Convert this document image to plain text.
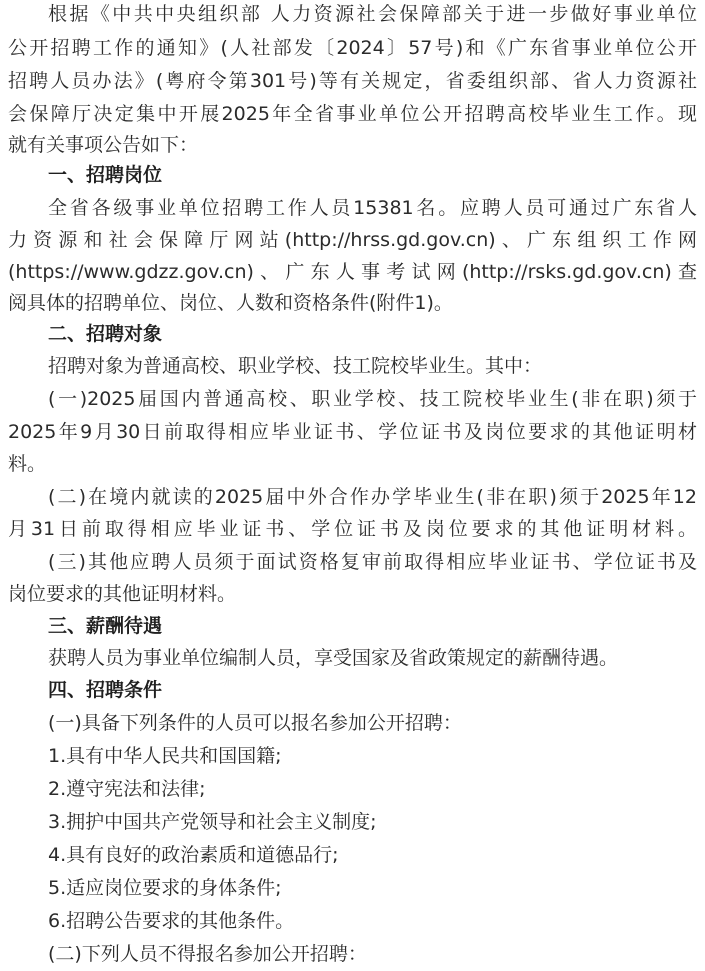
根据《中共中央组织部 人力资源社会保障部关于进一步做好事业单位
公开招聘工作的通知》(人社部发〔2024〕57号)和《广东省事业单位公开
招聘人员办法》(粤府令第301号)等有关规定，省委组织部、省人力资源社
会保障厅决定集中开展2025年全省事业单位公开招聘高校毕业生工作。现
就有关事项公告如下：
一、招聘岗位
全省各级事业单位招聘工作人员15381名。应聘人员可通过广东省人
力资源和社会保障厅网站(http://hrss.gd.gov.cn)、广东组织工作网
(https://www.gdzz.gov.cn)、广东人事考试网(http://rsks.gd.gov.cn)查
阅具体的招聘单位、岗位、人数和资格条件(附件1)。
二、招聘对象
招聘对象为普通高校、职业学校、技工院校毕业生。其中：
(一)2025届国内普通高校、职业学校、技工院校毕业生(非在职)须于
2025年9月30日前取得相应毕业证书、学位证书及岗位要求的其他证明材
料。
(二)在境内就读的2025届中外合作办学毕业生(非在职)须于2025年12
月31日前取得相应毕业证书、学位证书及岗位要求的其他证明材料。
(三)其他应聘人员须于面试资格复审前取得相应毕业证书、学位证书及
岗位要求的其他证明材料。
三、薪酬待遇
获聘人员为事业单位编制人员，享受国家及省政策规定的薪酬待遇。
四、招聘条件
(一)具备下列条件的人员可以报名参加公开招聘：
1.具有中华人民共和国国籍;
2.遵守宪法和法律;
3.拥护中国共产党领导和社会主义制度;
4.具有良好的政治素质和道德品行;
5.适应岗位要求的身体条件;
6.招聘公告要求的其他条件。
(二)下列人员不得报名参加公开招聘：
